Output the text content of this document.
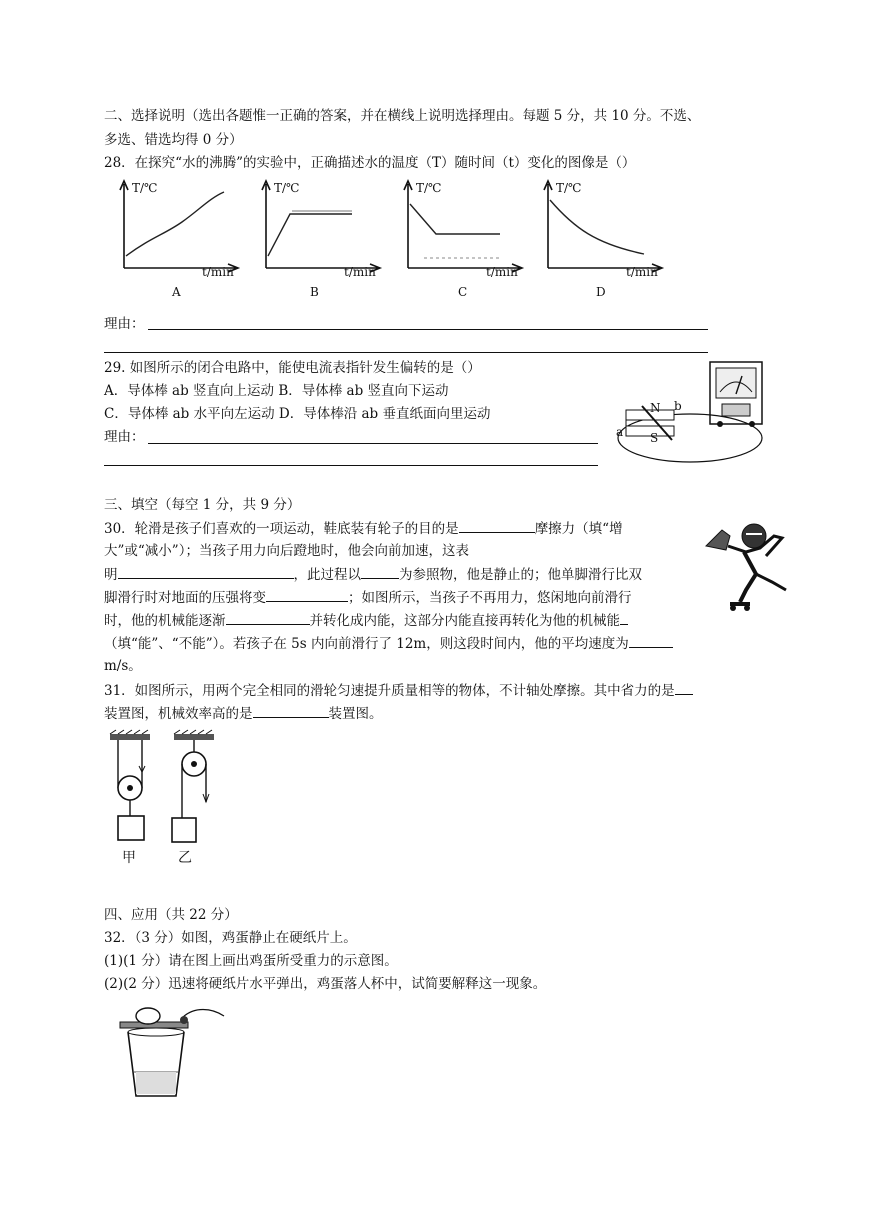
二、选择说明（选出各题惟一正确的答案，并在横线上说明选择理由。每题 5 分，共 10 分。不选、
多选、错选均得 0 分）
28．在探究“水的沸腾”的实验中，正确描述水的温度（T）随时间（t）变化的图像是（）
T/℃
t/min
A
T/℃
t/min
B
T/℃
t/min
C
T/℃
t/min
D
理由：
29. 如图所示的闭合电路中，能使电流表指针发生偏转的是（）
A．导体棒 ab 竖直向上运动 B．导体棒 ab 竖直向下运动
C．导体棒 ab 水平向左运动 D．导体棒沿 ab 垂直纸面向里运动
理由：
N
S
a
b
三、填空（每空 1 分，共 9 分）
30．轮滑是孩子们喜欢的一项运动，鞋底装有轮子的目的是	摩擦力（填“增
大”或“减小”）；当孩子用力向后蹬地时，他会向前加速，这表
明	，此过程以	为参照物，他是静止的；他单脚滑行比双
脚滑行时对地面的压强将变	；如图所示，当孩子不再用力，悠闲地向前滑行
时，他的机械能逐渐	并转化成内能，这部分内能直接再转化为他的机械能
（填“能”、“不能”）。若孩子在 5s 内向前滑行了 12m，则这段时间内，他的平均速度为
m/s。
31．如图所示，用两个完全相同的滑轮匀速提升质量相等的物体，不计轴处摩擦。其中省力的是
装置图，机械效率高的是	装置图。
甲	乙
四、应用（共 22 分）
32．（3 分）如图，鸡蛋静止在硬纸片上。
(1)(1 分）请在图上画出鸡蛋所受重力的示意图。
(2)(2 分）迅速将硬纸片水平弹出，鸡蛋落人杯中，试简要解释这一现象。
